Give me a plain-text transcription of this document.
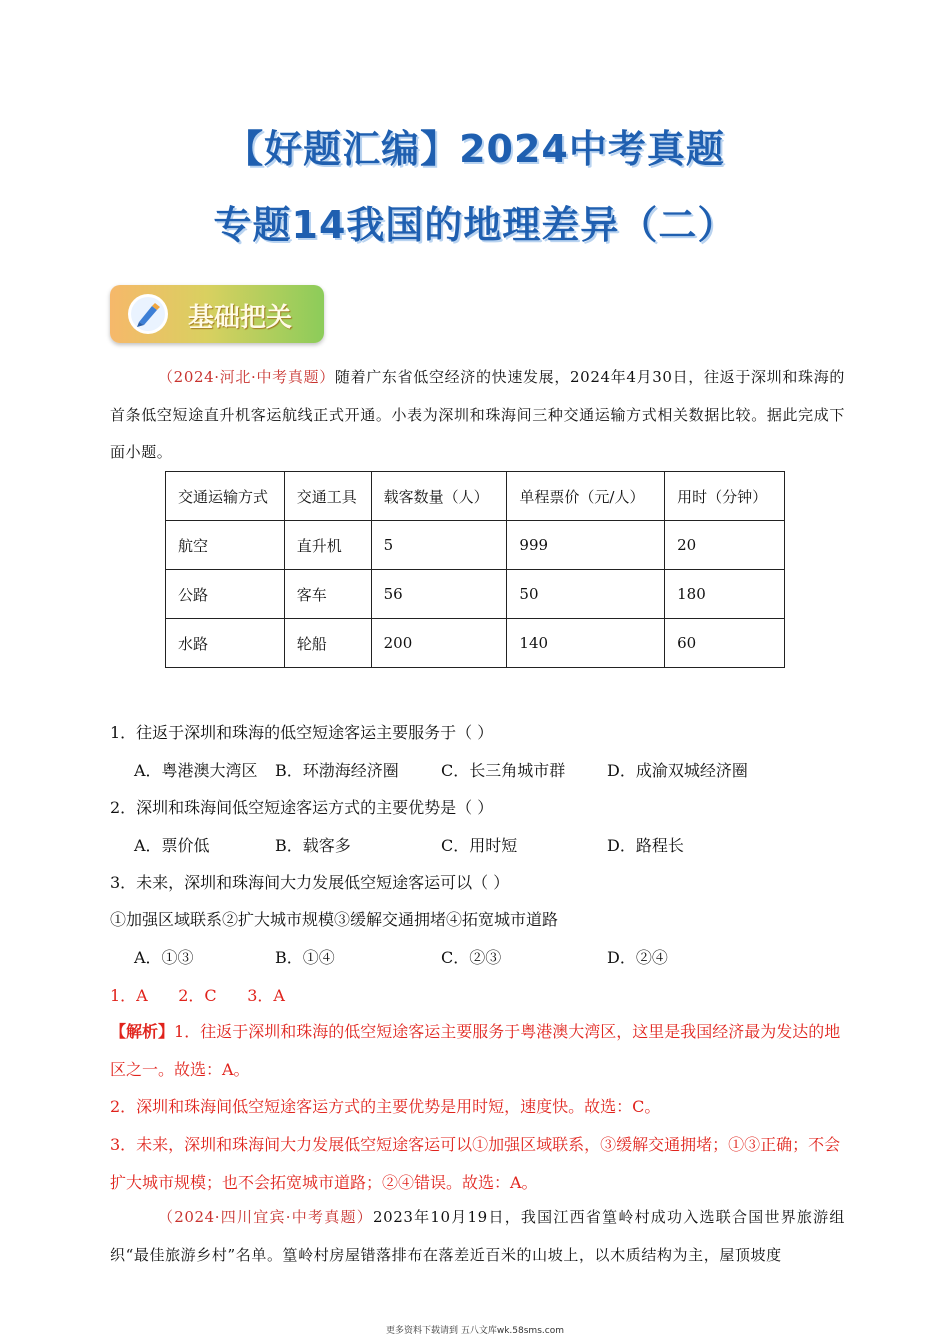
【好题汇编】2024中考真题
专题14我国的地理差异（二）
基础把关
（2024·河北·中考真题）随着广东省低空经济的快速发展，2024年4月30日，往返于深圳和珠海的首条低空短途直升机客运航线正式开通。小表为深圳和珠海间三种交通运输方式相关数据比较。据此完成下面小题。
交通运输方式	交通工具	载客数量（人）	单程票价（元/人）	用时（分钟）
航空	直升机	5	999	20
公路	客车	56	50	180
水路	轮船	200	140	60
1．往返于深圳和珠海的低空短途客运主要服务于（ ）
A．粤港澳大湾区 B．环渤海经济圈	C．长三角城市群	D．成渝双城经济圈
2．深圳和珠海间低空短途客运方式的主要优势是（ ）
A．票价低	B．载客多	C．用时短	D．路程长
3．未来，深圳和珠海间大力发展低空短途客运可以（ ）
①加强区域联系②扩大城市规模③缓解交通拥堵④拓宽城市道路
A．①③	B．①④	C．②③	D．②④
1．A      2．C      3．A
【解析】1．往返于深圳和珠海的低空短途客运主要服务于粤港澳大湾区，这里是我国经济最为发达的地区之一。故选：A。
2．深圳和珠海间低空短途客运方式的主要优势是用时短，速度快。故选：C。
3．未来，深圳和珠海间大力发展低空短途客运可以①加强区域联系，③缓解交通拥堵；①③正确；不会扩大城市规模；也不会拓宽城市道路；②④错误。故选：A。
（2024·四川宜宾·中考真题）2023年10月19日，我国江西省篁岭村成功入选联合国世界旅游组织“最佳旅游乡村”名单。篁岭村房屋错落排布在落差近百米的山坡上，以木质结构为主，屋顶坡度
更多资料下载请到 五八文库wk.58sms.com
